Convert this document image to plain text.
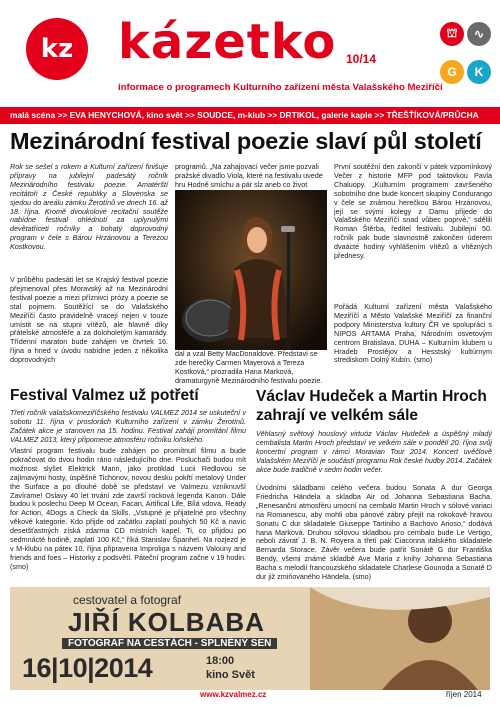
kz kázetko 10/14
informace o programech Kulturního zařízení města Valašského Meziříčí
⛫	∿
G	K
malá scéna >> EVA HENYCHOVÁ, kino svět >> SOUDCE, m-klub >> DRTIKOL, galerie kaple >> TŘEŠŤÍKOVÁ/PRŮCHA
Mezinárodní festival poezie slaví půl století
Rok se sešel s rokem a Kulturní zařízení finišuje přípravy na jubilejní padesátý ročník Mezinárodního festivalu poezie. Amatérští recitátoři z České republiky a Slovenska se sjedou do areálu zámku Žerotínů ve dnech 16. až 18. října. Kromě dvoukolové recitační soutěže nabídne festival ohlédnutí za uplynulými devětatřiceti ročníky a bohatý doprovodný program v čele s Bárou Hrzánovou a Terezou Kostkovou.
V průběhu padesáti let se Krajský festival poezie přejmenoval přes Moravský až na Mezinárodní festival poezie a mezi příznivci prózy a poezie se stal pojmem. Soutěžící se do Valašského Meziříčí často pravidelně vracejí nejen v touze umístit se na stupni vítězů, ale hlavně díky přátelské atmosféře a za doloholetým kamarády. Třídenní maraton bude zahájen ve čtvrtek 16. října a hned v úvodu nabídne jeden z několika doprovodných
programů. „Na zahajovací večer jsme pozvali pražské divadlo Viola, které na festivalu uvede hru Hodně smíchu a pár slz aneb co život
dal a vzal Betty MacDonaldové. Představí se zde herečky Carmen Mayerová a Tereza Kostková,“ prozradila Hana Marková, dramaturgyně Mezinárodního festivalu poezie.
První soutěžní den zakončí v pátek vzpomínkový Večer z historie MFP pod taktovkou Pavla Chaluopy. „Kulturním programem završeného sobotního dne bude koncert skupiny Condurango v čele se známou herečkou Bárou Hrzánovou, její se svými kolegy z Damu přijede do Valašského Meziříčí snad vůbec poprvé,“ sdělili Roman Štěrba, ředitel festivalu. Jubilejní 50. ročník pak bude slavnostně zakončen úderem dvaácté hodiny vyhlášením vítězů a vítězných přednesy.
Pořádá Kulturní zařízení města Valašského Meziříčí a Město Valašské Meziříčí za finanční podpory Ministerstva kultury ČR ve spolupráci s NIPOS ARTAMA Praha, Národním osvetovým centrom Bratislava, DUHA – Kulturním klubem u Hradeb Prostějov a Hesstský kultúrnym strediskom Dolný Kubín. (smo)
Festival Valmez už potřetí
Třetí ročník valašskomeziříčského festivalu VALMEZ 2014 se uskuteční v sobotu 11. října v prostorách Kulturního zařízení v zámku Žerotínů. Začátek akce je stanoven na 15. hodinu. Festival zahájí promítání filmu VALMEZ 2013, který připomene atmosféru ročníku loňského.
Vlastní program festivalu bude zahájen po promítnutí filmu a bude pokračovat do dvou hodin ráno následujícího dne. Posluchači budou mít možnost slyšet Elektrick Mann, jako protiklad Lucii Redlovou se zajímavými hosty, úspěšné Tichonov, novou desku pokřtí metalový Under the Surface a po dlouhé době se představí ve Valmezu vzniknuvší Zavírame! Oslavy 40 let trvání zde završí rocková legenda Kanon. Dále budou k poslechu Deep M Ocean, Facan, Artifical Life, Bílá vdova, Ready for Action, 4Dogs a Check da Skills. „Vstupné je přijatelné pro všechny věkové kategorie. Kdo přijde od začátku zaplatí pouhých 50 Kč a navíc desetšťastných získá zdarma CD místních kapel. Ti, co přijdou po sedmnácté hodině, zaplatí 100 Kč,“ říká Stanislav Španhel. Na rozjezd je v M-klubu na páteк 10. října připravena Improliga s názvem Valouny and friends and foes – Historky z podsvětí. Páteční program začne v 19 hodin. (smo)
Václav Hudeček a Martin Hroch zahrají ve velkém sále
Věhlasný světový houslový virtuóz Václav Hudeček a úspěšný mladý cembalista Martin Hroch představí ve velkém sále v pondělí 20. října svůj koncertní program v rámci Moravian Tour 2014. Koncert uvěčlově Valašském Meziříčí je součástí programu Rok české hudby 2014. Začátek akce bude tradičně v sedm hodin večer.
Úvodními skladbami celého večera budou Sonata A dur Georga Friedricha Händela a skladba Air od Johanna Sebastiana Bacha. „Renesanční atmosféru umocní na cembalo Martin Hroch v sólové variaci na Romanescu, aby mohli oba pánové zábry přejít na rokokově hravou Sonatu C dur skladatele Giuseppe Tartiniho a Bachovo Arioso,“ dodává hana Marková. Druhou sólovou skladbou pro cembalo bude Le Vertigo, neboli závrať J. B. N. Royera a třetí pak Ciaconna italského skladatele Bernarda Storace. Závěr večera bude patřit Sonátě G dur Františka Bendy, všemi známé skladbě Ave Maria z knihy Johanna Sebastiana Bacha s melodií francouzského skladatele Charlese Gounoda a Sonatě D dur již zmiňovaného Händela. (smo)
cestovatel a fotograf
JIŘÍ KOLBABA
FOTOGRAF NA CESTÁCH - SPLNĚNÝ SEN
16|10|2014	18:00
kino Svět
www.kzvalmez.cz	říjen 2014
